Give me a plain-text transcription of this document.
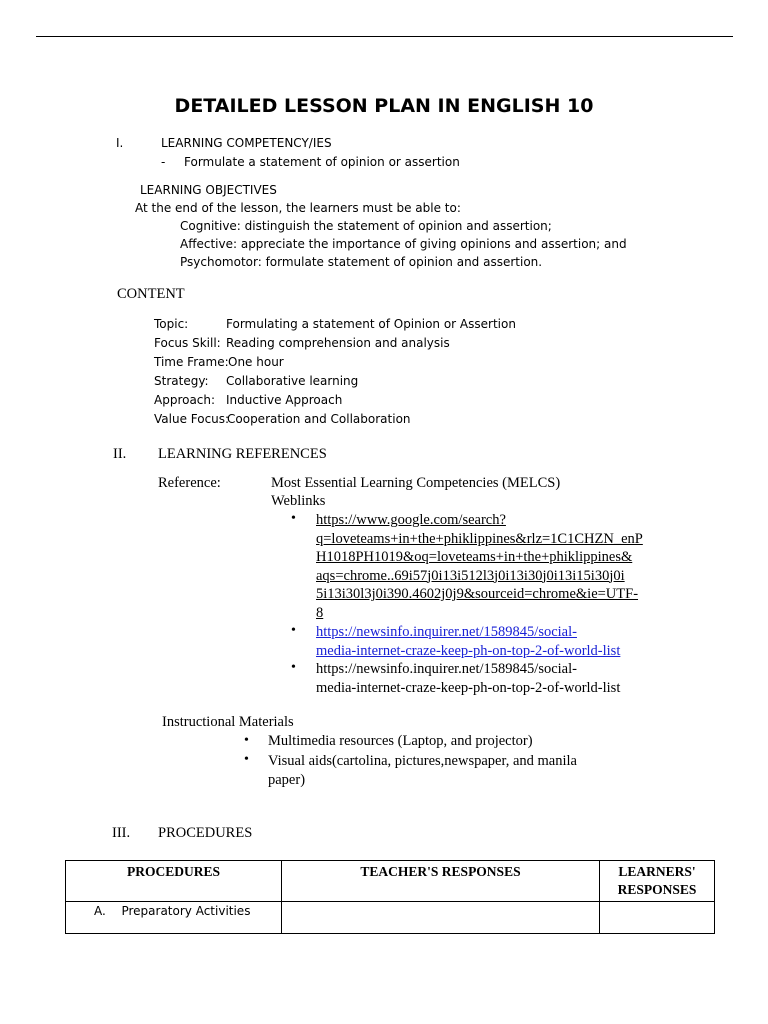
DETAILED LESSON PLAN IN ENGLISH 10
I.	LEARNING COMPETENCY/IES
- Formulate a statement of opinion or assertion
LEARNING OBJECTIVES
At the end of the lesson, the learners must be able to:
Cognitive: distinguish the statement of opinion and assertion;
Affective: appreciate the importance of giving opinions and assertion; and
Psychomotor: formulate statement of opinion and assertion.
CONTENT
Topic:	Formulating a statement of Opinion or Assertion
Focus Skill: Reading comprehension and analysis
Time Frame: One hour
Strategy: Collaborative learning
Approach: Inductive Approach
Value Focus:
Cooperation and Collaboration
II. LEARNING REFERENCES
Reference:	Most Essential Learning Competencies (MELCS)
Weblinks
• https://www.google.com/search?
q=loveteams+in+the+phiklippines&rlz=1C1CHZN_enP
H1018PH1019&oq=loveteams+in+the+phiklippines&
aqs=chrome..69i57j0i13i512l3j0i13i30j0i13i15i30j0i
5i13i30l3j0i390.4602j0j9&sourceid=chrome&ie=UTF-
8
• https://newsinfo.inquirer.net/1589845/social-
media-internet-craze-keep-ph-on-top-2-of-world-list
• https://newsinfo.inquirer.net/1589845/social-
media-internet-craze-keep-ph-on-top-2-of-world-list
Instructional Materials
• Multimedia resources (Laptop, and projector)
• Visual aids(cartolina, pictures,newspaper, and manila
paper)
III. PROCEDURES
PROCEDURES	TEACHER'S RESPONSES	LEARNERS'
RESPONSES

A. Preparatory Activities		
